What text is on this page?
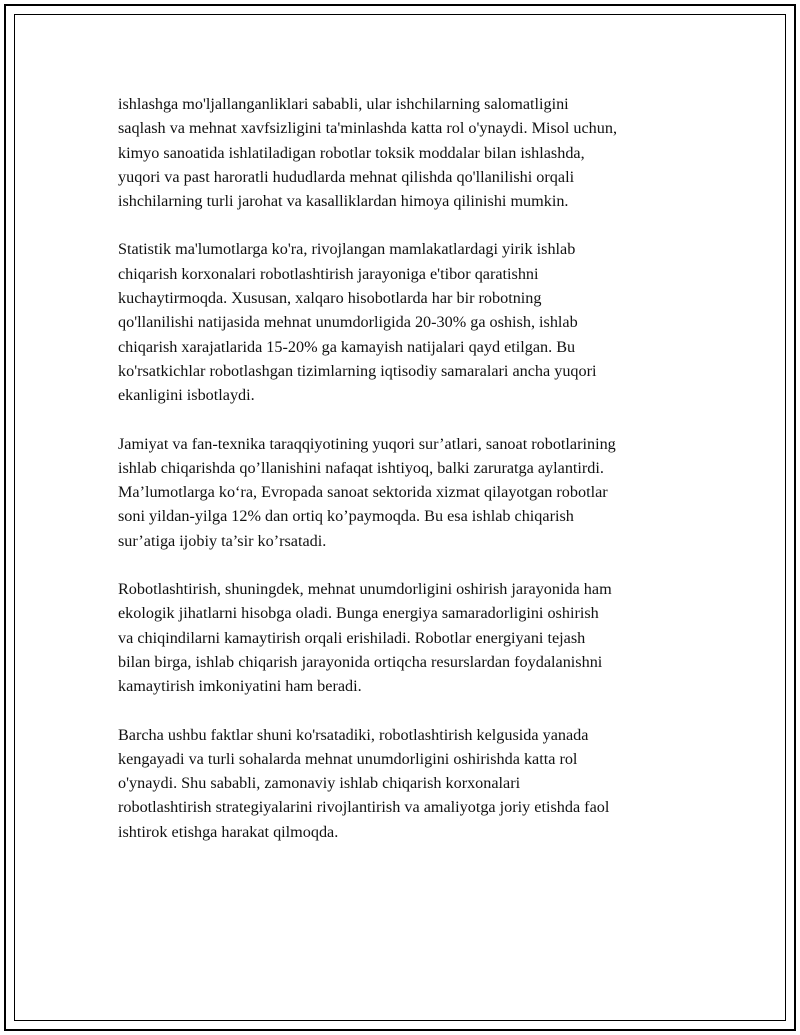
ishlashga mo'ljallanganliklari sababli, ular ishchilarning salomatligini
saqlash va mehnat xavfsizligini ta'minlashda katta rol o'ynaydi. Misol uchun,
kimyo sanoatida ishlatiladigan robotlar toksik moddalar bilan ishlashda,
yuqori va past haroratli hududlarda mehnat qilishda qo'llanilishi orqali
ishchilarning turli jarohat va kasalliklardan himoya qilinishi mumkin.

Statistik ma'lumotlarga ko'ra, rivojlangan mamlakatlardagi yirik ishlab
chiqarish korxonalari robotlashtirish jarayoniga e'tibor qaratishni
kuchaytirmoqda. Xususan, xalqaro hisobotlarda har bir robotning
qo'llanilishi natijasida mehnat unumdorligida 20-30% ga oshish, ishlab
chiqarish xarajatlarida 15-20% ga kamayish natijalari qayd etilgan. Bu
ko'rsatkichlar robotlashgan tizimlarning iqtisodiy samaralari ancha yuqori
ekanligini isbotlaydi.

Jamiyat va fan-texnika taraqqiyotining yuqori sur’atlari, sanoat robotlarining
ishlab chiqarishda qo’llanishini nafaqat ishtiyoq, balki zaruratga aylantirdi.
Ma’lumotlarga ko‘ra, Evropada sanoat sektorida xizmat qilayotgan robotlar
soni yildan-yilga 12% dan ortiq ko’paymoqda. Bu esa ishlab chiqarish
sur’atiga ijobiy ta’sir ko’rsatadi.

Robotlashtirish, shuningdek, mehnat unumdorligini oshirish jarayonida ham
ekologik jihatlarni hisobga oladi. Bunga energiya samaradorligini oshirish
va chiqindilarni kamaytirish orqali erishiladi. Robotlar energiyani tejash
bilan birga, ishlab chiqarish jarayonida ortiqcha resurslardan foydalanishni
kamaytirish imkoniyatini ham beradi.

Barcha ushbu faktlar shuni ko'rsatadiki, robotlashtirish kelgusida yanada
kengayadi va turli sohalarda mehnat unumdorligini oshirishda katta rol
o'ynaydi. Shu sababli, zamonaviy ishlab chiqarish korxonalari
robotlashtirish strategiyalarini rivojlantirish va amaliyotga joriy etishda faol
ishtirok etishga harakat qilmoqda.
